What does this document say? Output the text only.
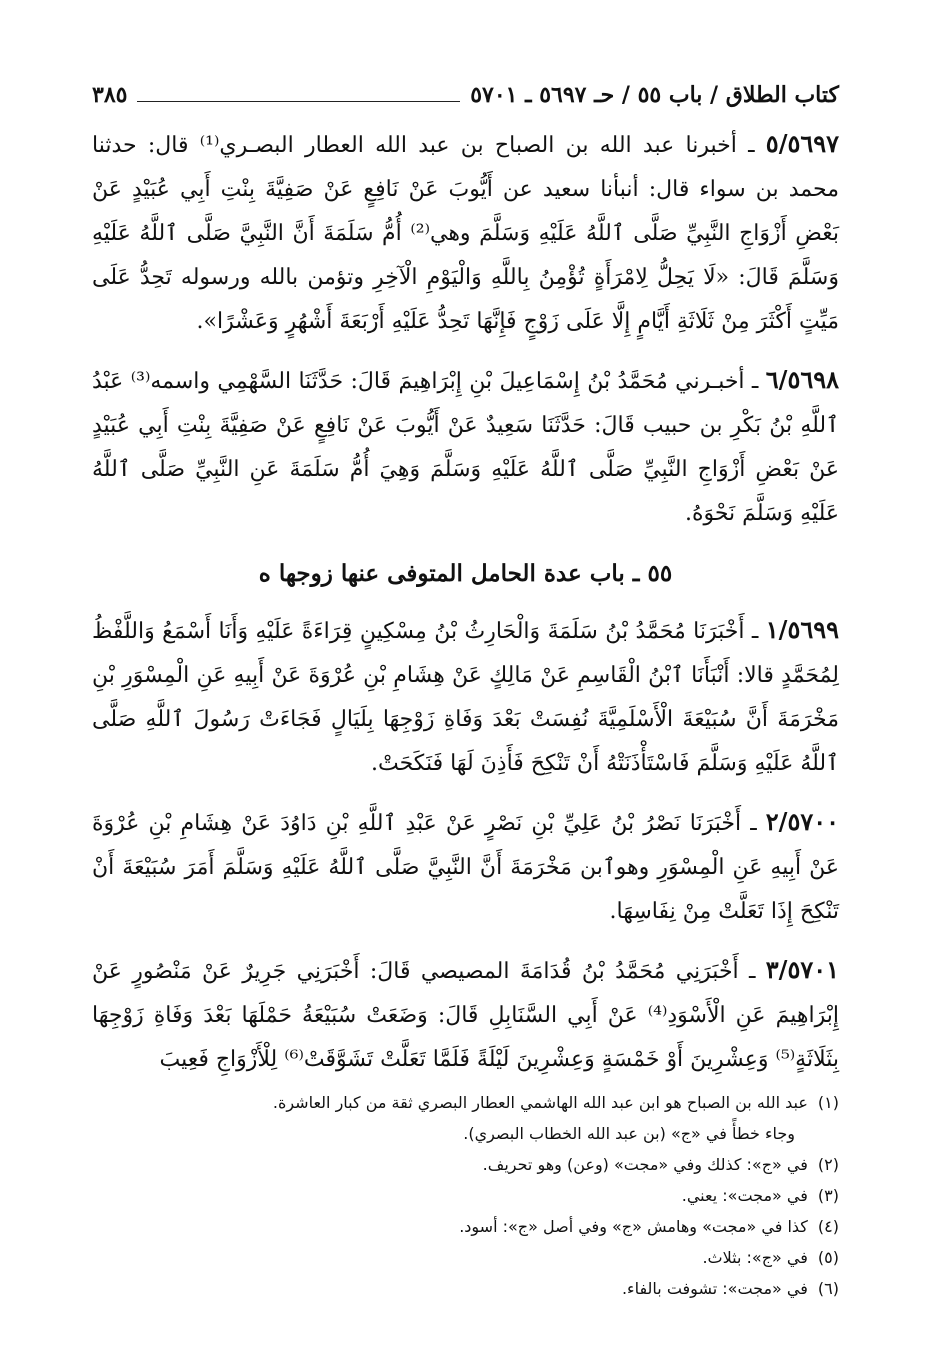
كتاب الطلاق / باب ٥٥ / حـ ٥٦٩٧ ـ ٥٧٠١
٣٨٥

٥/٥٦٩٧ ـ أخبرنا عبد الله بن الصباح بن عبد الله العطار البصـري⁽¹⁾ قال: حدثنا محمد بن سواء قال: أنبأنا سعيد عن أَيُّوبَ عَنْ نَافِعٍ عَنْ صَفِيَّةَ بِنْتِ أَبِي عُبَيْدٍ عَنْ بَعْضِ أَزْوَاجِ النَّبِيِّ صَلَّى ٱللَّهُ عَلَيْهِ وَسَلَّمَ وهي⁽²⁾ أُمُّ سَلَمَةَ أَنَّ النَّبِيَّ صَلَّى ٱللَّهُ عَلَيْهِ وَسَلَّمَ قَالَ: «لَا يَحِلُّ لِامْرَأَةٍ تُؤْمِنُ بِاللَّهِ وَالْيَوْمِ الْآخِرِ وتؤمن بالله ورسوله تَحِدُّ عَلَى مَيِّتٍ أَكْثَرَ مِنْ ثَلَاثَةِ أَيَّامٍ إِلَّا عَلَى زَوْجٍ فَإِنَّهَا تَحِدُّ عَلَيْهِ أَرْبَعَةَ أَشْهُرٍ وَعَشْرًا».

٦/٥٦٩٨ ـ أخبـرني مُحَمَّدُ بْنُ إِسْمَاعِيلَ بْنِ إِبْرَاهِيمَ قَالَ: حَدَّثَنَا السَّهْمِي واسمه⁽³⁾ عَبْدُ ٱللَّهِ بْنُ بَكْرِ بن حبيب قَالَ: حَدَّثَنَا سَعِيدٌ عَنْ أَيُّوبَ عَنْ نَافِعٍ عَنْ صَفِيَّةَ بِنْتِ أَبِي عُبَيْدٍ عَنْ بَعْضِ أَزْوَاجِ النَّبِيِّ صَلَّى ٱللَّهُ عَلَيْهِ وَسَلَّمَ وَهِيَ أُمُّ سَلَمَةَ عَنِ النَّبِيِّ صَلَّى ٱللَّهُ عَلَيْهِ وَسَلَّمَ نَحْوَهُ.

٥٥ ـ باب عدة الحامل المتوفى عنها زوجها ه

١/٥٦٩٩ ـ أَخْبَرَنَا مُحَمَّدُ بْنُ سَلَمَةَ وَالْحَارِثُ بْنُ مِسْكِينٍ قِرَاءَةً عَلَيْهِ وَأَنَا أَسْمَعُ وَاللَّفْظُ لِمُحَمَّدٍ قالا: أَنْبَأَنَا ٱبْنُ الْقَاسِمِ عَنْ مَالِكٍ عَنْ هِشَامِ بْنِ عُرْوَةَ عَنْ أَبِيهِ عَنِ الْمِسْوَرِ بْنِ مَخْرَمَةَ أَنَّ سُبَيْعَةَ الْأَسْلَمِيَّةَ نُفِسَتْ بَعْدَ وَفَاةِ زَوْجِهَا بِلَيَالٍ فَجَاءَتْ رَسُولَ ٱللَّهِ صَلَّى ٱللَّهُ عَلَيْهِ وَسَلَّمَ فَاسْتَأْذَنَتْهُ أَنْ تَنْكِحَ فَأَذِنَ لَهَا فَنَكَحَتْ.

٢/٥٧٠٠ ـ أَخْبَرَنَا نَصْرُ بْنُ عَلِيِّ بْنِ نَصْرٍ عَنْ عَبْدِ ٱللَّهِ بْنِ دَاوُدَ عَنْ هِشَامِ بْنِ عُرْوَةَ عَنْ أَبِيهِ عَنِ الْمِسْوَرِ وهوٱبن مَخْرَمَةَ أَنَّ النَّبِيَّ صَلَّى ٱللَّهُ عَلَيْهِ وَسَلَّمَ أَمَرَ سُبَيْعَةَ أَنْ تَنْكِحَ إِذَا تَعَلَّتْ مِنْ نِفَاسِهَا.

٣/٥٧٠١ ـ أَخْبَرَنِي مُحَمَّدُ بْنُ قُدَامَةَ المصيصي قَالَ: أَخْبَرَنِي جَرِيرٌ عَنْ مَنْصُورٍ عَنْ إِبْرَاهِيمَ عَنِ الْأَسْوَدِ⁽⁴⁾ عَنْ أَبِي السَّنَابِلِ قَالَ: وَضَعَتْ سُبَيْعَةُ حَمْلَهَا بَعْدَ وَفَاةِ زَوْجِهَا بِثَلَاثَةٍ⁽⁵⁾ وَعِشْرِينَ أَوْ خَمْسَةٍ وَعِشْرِينَ لَيْلَةً فَلَمَّا تَعَلَّتْ تَشَوَّقَتْ⁽⁶⁾ لِلْأَزْوَاجِ فَعِيبَ

(١)عبد الله بن الصباح هو ابن عبد الله الهاشمي العطار البصري ثقة من كبار العاشرة.

وجاء خطأً في «ج» (بن عبد الله الخطاب البصري).

(٢)في «ج»: كذلك وفي «مجت» (وعن) وهو تحريف.

(٣)في «مجت»: يعني.

(٤)كذا في «مجت» وهامش «ج» وفي أصل «ج»: أسود.

(٥)في «ج»: بثلاث.

(٦)في «مجت»: تشوفت بالفاء.
